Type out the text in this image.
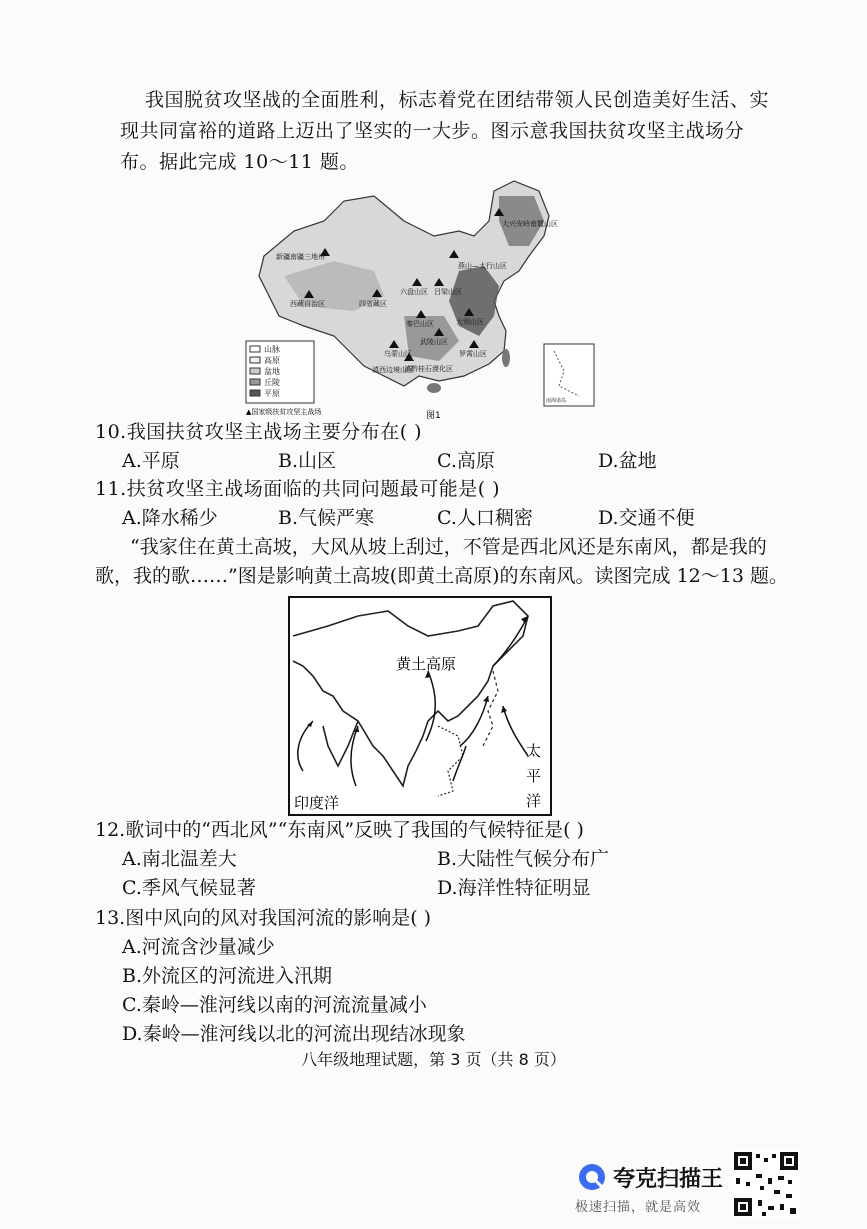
我国脱贫攻坚战的全面胜利，标志着党在团结带领人民创造美好生活、实
现共同富裕的道路上迈出了坚实的一大步。图示意我国扶贫攻坚主战场分
布。据此完成 10～11 题。
山脉
高原
盆地
丘陵
平原
▲国家级扶贫攻坚主战场	图1
新疆南疆三地州
西藏自治区	四省藏区
六盘山区 吕梁山区
燕山—太行山区
大兴安岭南麓山区
秦巴山区	大别山区
武陵山区
乌蒙山区	罗霄山区
滇黔桂石漠化区
滇西边境山区
南海诸岛
10.我国扶贫攻坚主战场主要分布在( )
A.平原	B.山区	C.高原	D.盆地
11.扶贫攻坚主战场面临的共同问题最可能是( )
A.降水稀少	B.气候严寒	C.人口稠密	D.交通不便
“我家住在黄土高坡，大风从坡上刮过，不管是西北风还是东南风，都是我的
歌，我的歌……”图是影响黄土高坡(即黄土高原)的东南风。读图完成 12～13 题。
黄土高原
印度洋
太
平
洋
12.歌词中的“西北风”“东南风”反映了我国的气候特征是( )
A.南北温差大	B.大陆性气候分布广
C.季风气候显著	D.海洋性特征明显
13.图中风向的风对我国河流的影响是( )
A.河流含沙量减少
B.外流区的河流进入汛期
C.秦岭—淮河线以南的河流流量减小
D.秦岭—淮河线以北的河流出现结冰现象
八年级地理试题，第 3 页（共 8 页）
夸克扫描王
极速扫描，就是高效
